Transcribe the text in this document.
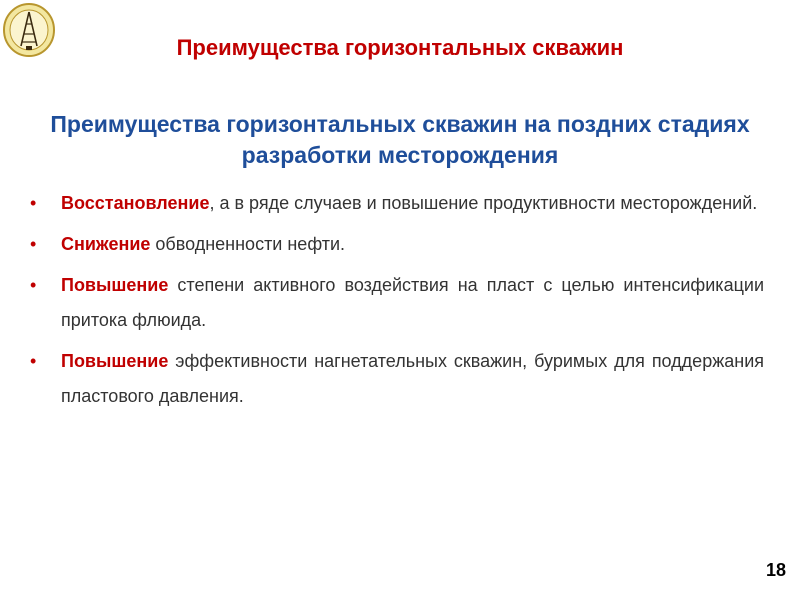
Преимущества горизонтальных скважин
Преимущества горизонтальных скважин на поздних стадиях разработки месторождения
• Восстановление, а в ряде случаев и повышение продуктивности месторождений.
• Снижение обводненности нефти.
• Повышение степени активного воздействия на пласт с целью интенсификации притока флюида.
• Повышение эффективности нагнетательных скважин, буримых для поддержания пластового давления.
18
